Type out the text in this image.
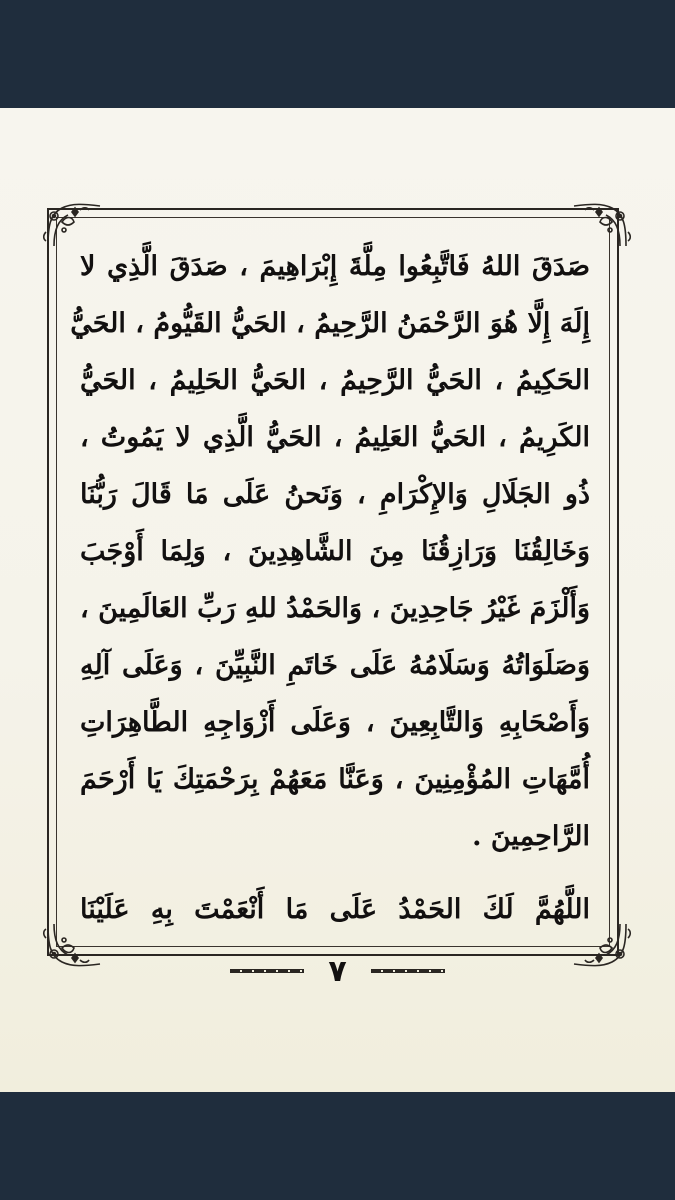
صَدَقَ اللهُ فَاتَّبِعُوا مِلَّةَ إِبْرَاهِيمَ ، صَدَقَ الَّذِي لا
إِلَهَ إِلَّا هُوَ الرَّحْمَنُ الرَّحِيمُ ، الحَيُّ القَيُّومُ ، الحَيُّ
الحَكِيمُ ، الحَيُّ الرَّحِيمُ ، الحَيُّ الحَلِيمُ ، الحَيُّ
الكَرِيمُ ، الحَيُّ العَلِيمُ ، الحَيُّ الَّذِي لا يَمُوتُ ،
ذُو الجَلَالِ وَالإِكْرَامِ ، وَنَحنُ عَلَى مَا قَالَ رَبُّنَا
وَخَالِقُنَا وَرَازِقُنَا مِنَ الشَّاهِدِينَ ، وَلِمَا أَوْجَبَ
وَأَلْزَمَ غَيْرُ جَاحِدِينَ ، وَالحَمْدُ للهِ رَبِّ العَالَمِينَ ،
وَصَلَوَاتُهُ وَسَلَامُهُ عَلَى خَاتَمِ النَّبِيِّنَ ، وَعَلَى آلِهِ
وَأَصْحَابِهِ وَالتَّابِعِينَ ، وَعَلَى أَزْوَاجِهِ الطَّاهِرَاتِ
أُمَّهَاتِ المُؤْمِنِينَ ، وَعَنَّا مَعَهُمْ بِرَحْمَتِكَ يَا أَرْحَمَ
الرَّاحِمِينَ .
اللَّهُمَّ لَكَ الحَمْدُ عَلَى مَا أَنْعَمْتَ بِهِ عَلَيْنَا
٧
